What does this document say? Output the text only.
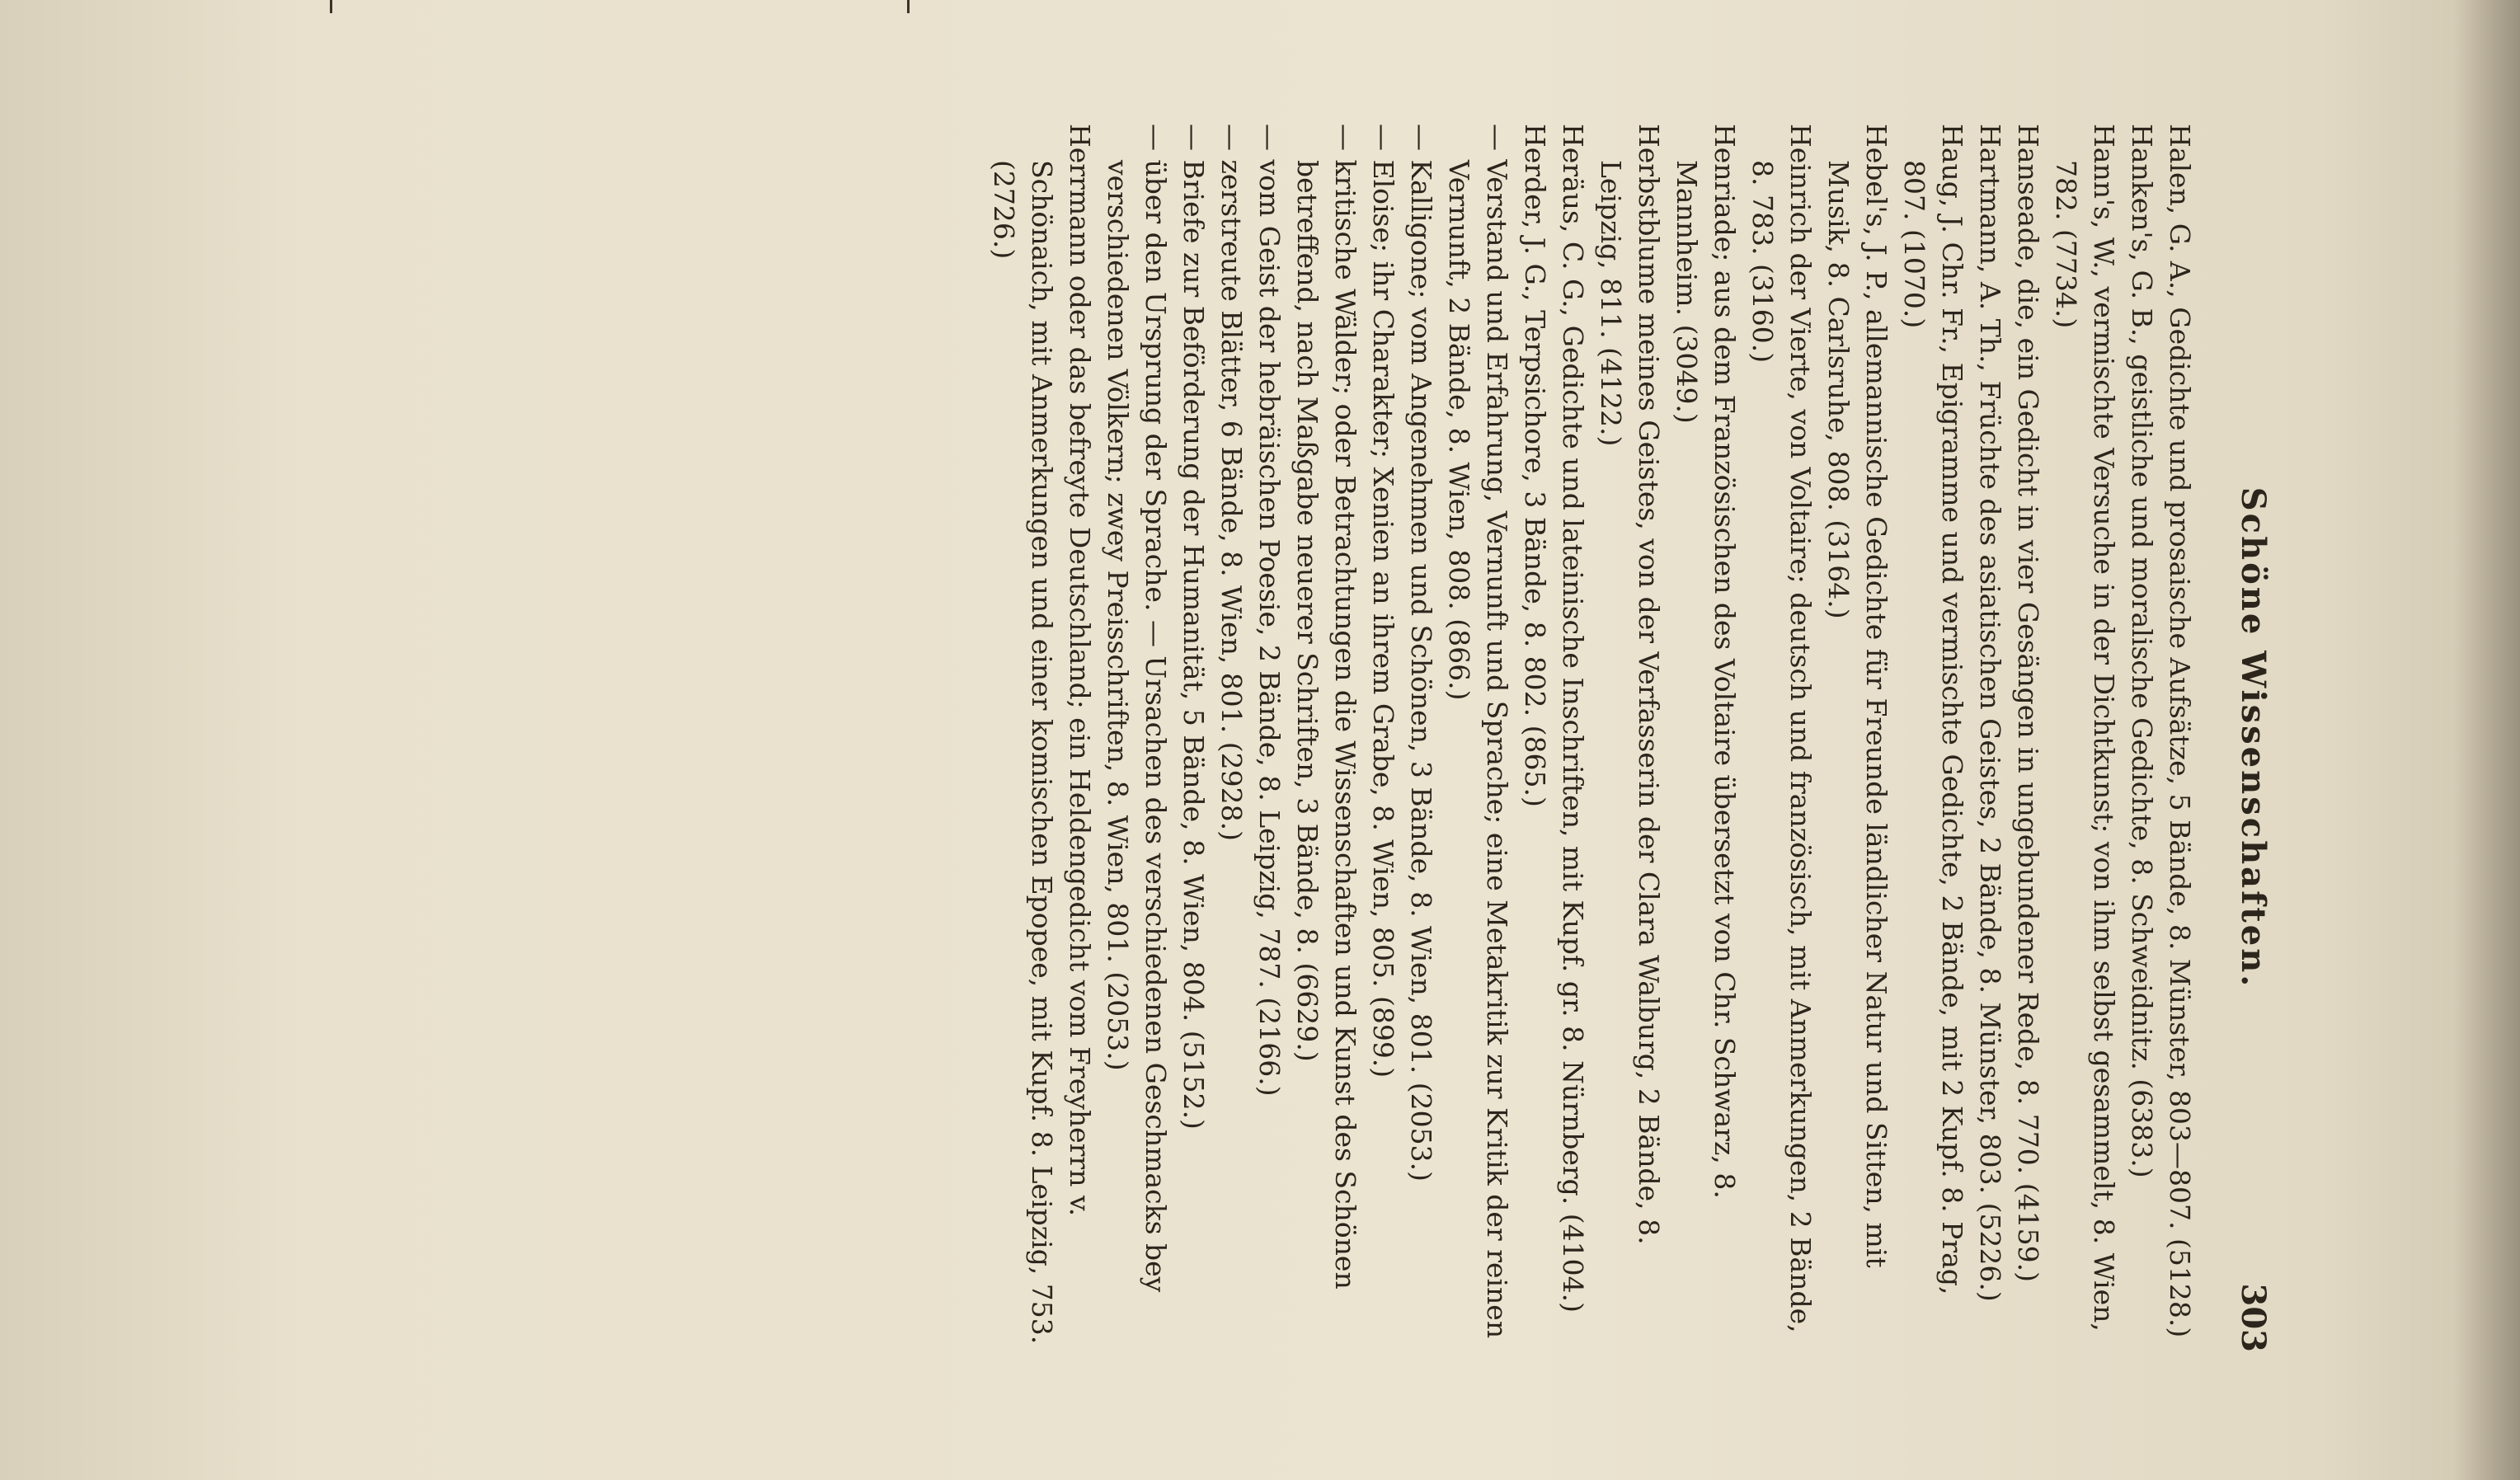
Schöne Wissenschaften.
303

Halen, G. A., Gedichte und prosaische Aufsätze, 5 Bände, 8. Münster, 803—807. (5128.)

Hanken's, G. B., geistliche und moralische Gedichte, 8. Schweidnitz. (6383.)

Hann's, W., vermischte Versuche in der Dichtkunst; von ihm selbst gesammelt, 8. Wien, 782. (7734.)

Hanseade, die, ein Gedicht in vier Gesängen in ungebundener Rede, 8. 770. (4159.)

Hartmann, A. Th., Früchte des asiatischen Geistes, 2 Bände, 8. Münster, 803. (5226.)

Haug, J. Chr. Fr., Epigramme und vermischte Gedichte, 2 Bände, mit 2 Kupf. 8. Prag, 807. (1070.)

Hebel's, J. P., allemannische Gedichte für Freunde ländlicher Natur und Sitten, mit Musik, 8. Carlsruhe, 808. (3164.)

Heinrich der Vierte, von Voltaire; deutsch und französisch, mit Anmerkungen, 2 Bände, 8. 783. (3160.)

Henriade; aus dem Französischen des Voltaire übersetzt von Chr. Schwarz, 8. Mannheim. (3049.)

Herbstblume meines Geistes, von der Verfasserin der Clara Walburg, 2 Bände, 8. Leipzig, 811. (4122.)

Heräus, C. G., Gedichte und lateinische Inschriften, mit Kupf. gr. 8. Nürnberg. (4104.)

Herder, J. G., Terpsichore, 3 Bände, 8. 802. (865.)

— Verstand und Erfahrung, Vernunft und Sprache; eine Metakritik zur Kritik der reinen Vernunft, 2 Bände, 8. Wien, 808. (866.)

— Kalligone; vom Angenehmen und Schönen, 3 Bände, 8. Wien, 801. (2053.)

— Eloise; ihr Charakter; Xenien an ihrem Grabe, 8. Wien, 805. (899.)

— kritische Wälder; oder Betrachtungen die Wissenschaften und Kunst des Schönen betreffend, nach Maßgabe neuerer Schriften, 3 Bände, 8. (6629.)

— vom Geist der hebräischen Poesie, 2 Bände, 8. Leipzig, 787. (2166.)

— zerstreute Blätter, 6 Bände, 8. Wien, 801. (2928.)

— Briefe zur Beförderung der Humanität, 5 Bände, 8. Wien, 804. (5152.)

— über den Ursprung der Sprache. — Ursachen des verschiedenen Geschmacks bey verschiedenen Völkern; zwey Preisschriften, 8. Wien, 801. (2053.)

Herrmann oder das befreyte Deutschland; ein Heldengedicht vom Freyherrn v. Schönaich, mit Anmerkungen und einer komischen Epopee, mit Kupf. 8. Leipzig, 753. (2726.)
